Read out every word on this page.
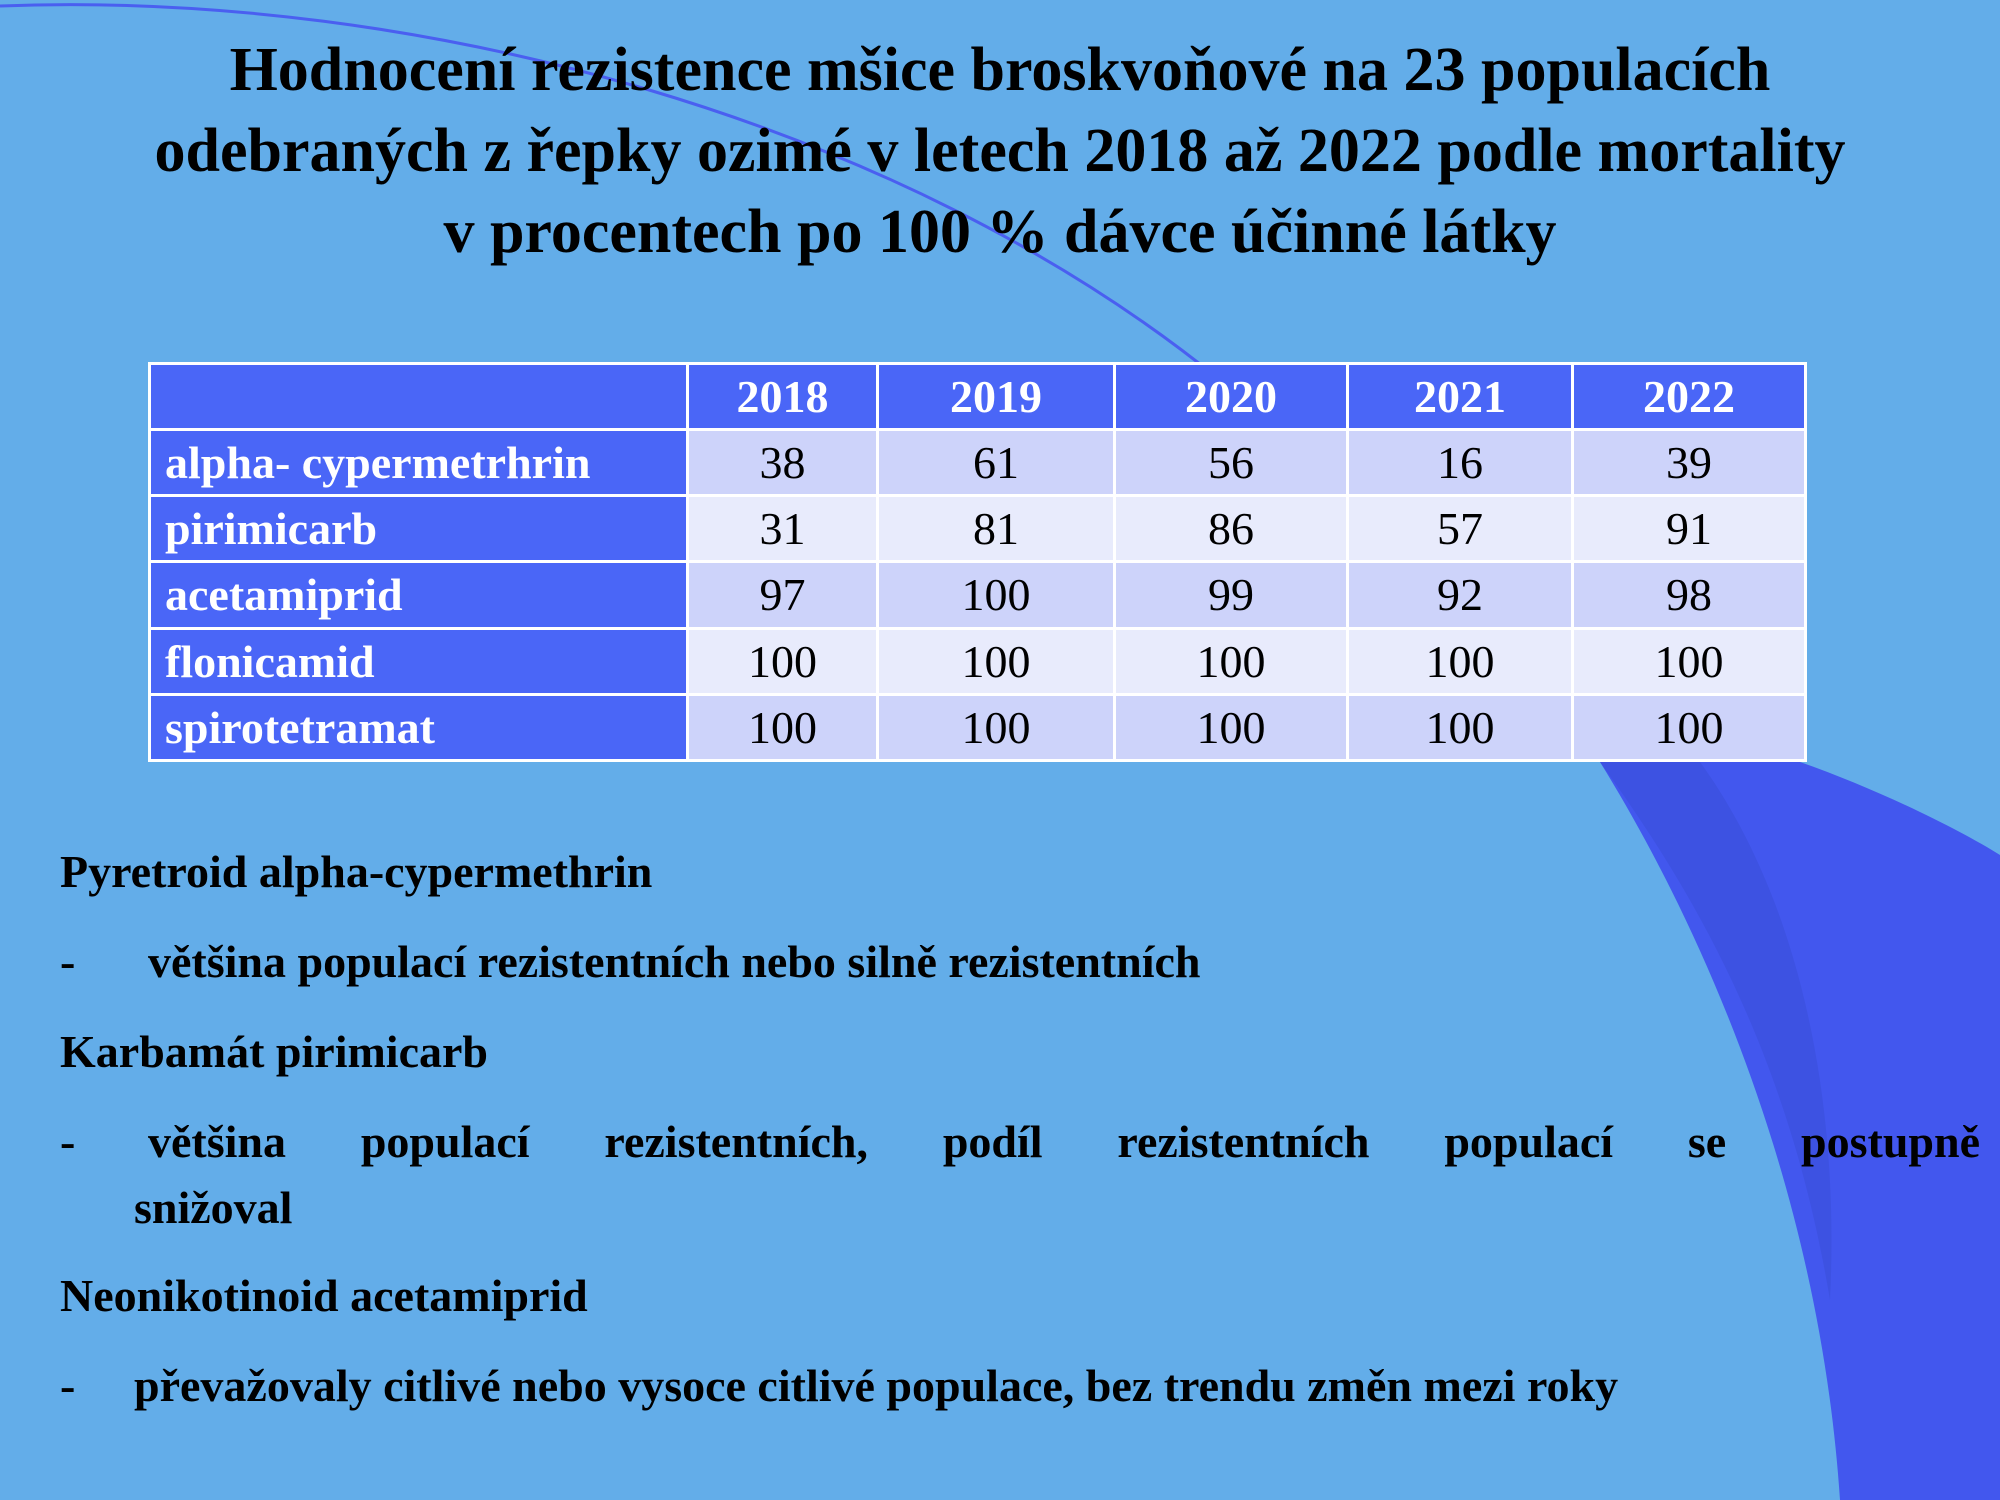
Hodnocení rezistence mšice broskvoňové na 23 populacích
odebraných z řepky ozimé v letech 2018 až 2022 podle mortality
v procentech po 100 % dávce účinné látky
	2018	2019	2020	2021	2022
alpha- cypermetrhrin	38	61	56	16	39
pirimicarb	31	81	86	57	91
acetamiprid	97	100	99	92	98
flonicamid	100	100	100	100	100
spirotetramat	100	100	100	100	100
Pyretroid alpha-cypermethrin
- většina populací rezistentních nebo silně rezistentních
Karbamát pirimicarb
- většina populací rezistentních, podíl rezistentních populací se postupně
snižoval
Neonikotinoid acetamiprid
- převažovaly citlivé nebo vysoce citlivé populace, bez trendu změn mezi roky
